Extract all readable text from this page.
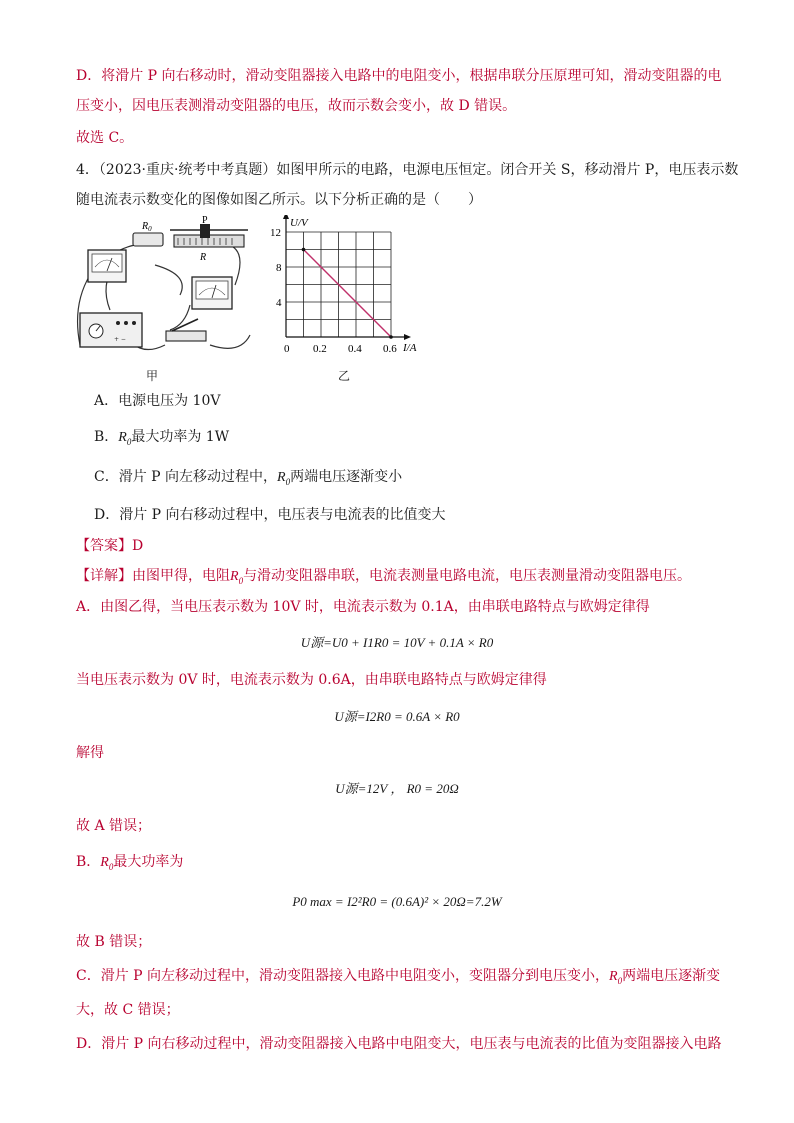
D．将滑片 P 向右移动时，滑动变阻器接入电路中的电阻变小，根据串联分压原理可知，滑动变阻器的电
压变小，因电压表测滑动变阻器的电压，故而示数会变小，故 D 错误。
故选 C。
4．（2023·重庆·统考中考真题）如图甲所示的电路，电源电压恒定。闭合开关 S，移动滑片 P，电压表示数
随电流表示数变化的图像如图乙所示。以下分析正确的是（　　）
$R_0$
P
R
+ −
甲
0 0.2 0.4 0.6
4
8
12
I/A
U/V
乙
A．电源电压为 10V
B．$R_0$最大功率为 1W
C．滑片 P 向左移动过程中，$R_0$两端电压逐渐变小
D．滑片 P 向右移动过程中，电压表与电流表的比值变大
【答案】D
【详解】由图甲得，电阻$R_0$与滑动变阻器串联，电流表测量电路电流，电压表测量滑动变阻器电压。
A．由图乙得，当电压表示数为 10V 时，电流表示数为 0.1A，由串联电路特点与欧姆定律得
U源=U0 + I1R0 = 10V + 0.1A × R0
当电压表示数为 0V 时，电流表示数为 0.6A，由串联电路特点与欧姆定律得
U源=I2R0 = 0.6A × R0
解得
U源=12V ， R0 = 20Ω
故 A 错误；
B．$R_0$最大功率为
P0 max = I2²R0 = (0.6A)² × 20Ω=7.2W
故 B 错误；
C．滑片 P 向左移动过程中，滑动变阻器接入电路中电阻变小，变阻器分到电压变小，$R_0$两端电压逐渐变
大，故 C 错误；
D．滑片 P 向右移动过程中，滑动变阻器接入电路中电阻变大，电压表与电流表的比值为变阻器接入电路
